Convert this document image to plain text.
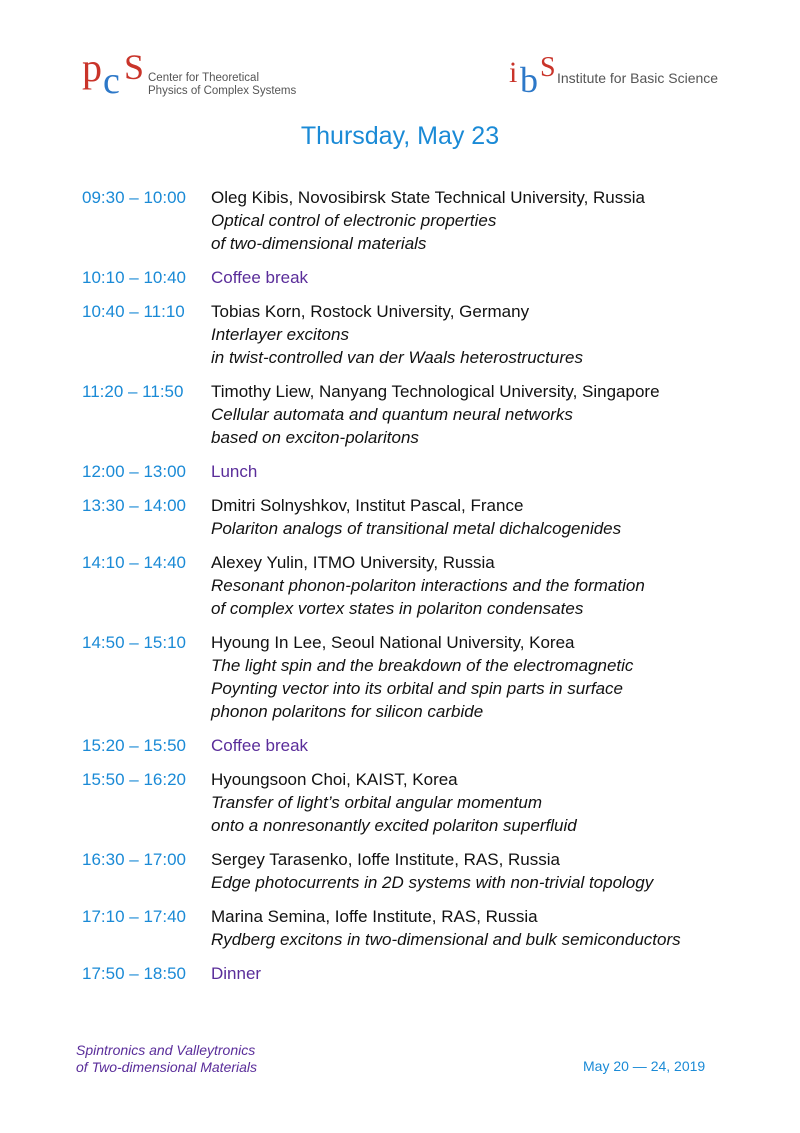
p c S Center for Theoretical
Physics of Complex Systems
i b S Institute for Basic Science
Thursday, May 23
09:30 – 10:00	Oleg Kibis, Novosibirsk State Technical University, Russia
Optical control of electronic properties
of two-dimensional materials
10:10 – 10:40	Coffee break
10:40 – 11:10	Tobias Korn, Rostock University, Germany
Interlayer excitons
in twist-controlled van der Waals heterostructures
11:20 – 11:50	Timothy Liew, Nanyang Technological University, Singapore
Cellular automata and quantum neural networks
based on exciton-polaritons
12:00 – 13:00	Lunch
13:30 – 14:00	Dmitri Solnyshkov, Institut Pascal, France
Polariton analogs of transitional metal dichalcogenides
14:10 – 14:40	Alexey Yulin, ITMO University, Russia
Resonant phonon-polariton interactions and the formation
of complex vortex states in polariton condensates
14:50 – 15:10	Hyoung In Lee, Seoul National University, Korea
The light spin and the breakdown of the electromagnetic
Poynting vector into its orbital and spin parts in surface
phonon polaritons for silicon carbide
15:20 – 15:50	Coffee break
15:50 – 16:20	Hyoungsoon Choi, KAIST, Korea
Transfer of light’s orbital angular momentum
onto a nonresonantly excited polariton superfluid
16:30 – 17:00	Sergey Tarasenko, Ioffe Institute, RAS, Russia
Edge photocurrents in 2D systems with non-trivial topology
17:10 – 17:40	Marina Semina, Ioffe Institute, RAS, Russia
Rydberg excitons in two-dimensional and bulk semiconductors
17:50 – 18:50	Dinner
Spintronics and Valleytronics
of Two-dimensional Materials	May 20 — 24, 2019
